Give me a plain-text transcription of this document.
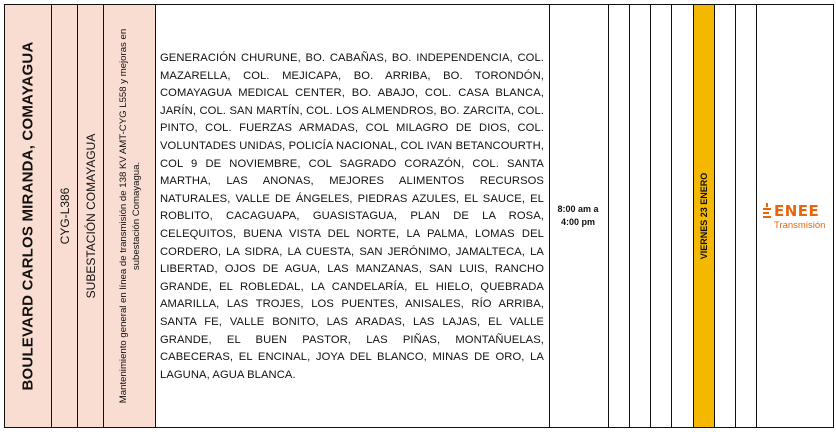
BOULEVARD CARLOS MIRANDA, COMAYAGUA CYG-L386 SUBESTACIÓN COMAYAGUA Mantenimiento general en línea de transmisión de 138 KV AMT-CYG L558 y mejoras en subestación Comayagua.
GENERACIÓN CHURUNE, BO. CABAÑAS, BO. INDEPENDENCIA, COL. MAZARELLA, COL. MEJICAPA, BO. ARRIBA, BO. TORONDÓN, COMAYAGUA MEDICAL CENTER, BO. ABAJO, COL. CASA BLANCA, JARÍN, COL. SAN MARTÍN, COL. LOS ALMENDROS, BO. ZARCITA, COL. PINTO, COL. FUERZAS ARMADAS, COL MILAGRO DE DIOS, COL. VOLUNTADES UNIDAS, POLICÍA NACIONAL, COL IVAN BETANCOURTH, COL 9 DE NOVIEMBRE, COL SAGRADO CORAZÓN, COL. SANTA MARTHA, LAS ANONAS, MEJORES ALIMENTOS RECURSOS NATURALES, VALLE DE ÁNGELES, PIEDRAS AZULES, EL SAUCE, EL ROBLITO, CACAGUAPA, GUASISTAGUA, PLAN DE LA ROSA, CELEQUITOS, BUENA VISTA DEL NORTE, LA PALMA, LOMAS DEL CORDERO, LA SIDRA, LA CUESTA, SAN JERÓNIMO, JAMALTECA, LA LIBERTAD, OJOS DE AGUA, LAS MANZANAS, SAN LUIS, RANCHO GRANDE, EL ROBLEDAL, LA CANDELARÍA, EL HIELO, QUEBRADA AMARILLA, LAS TROJES, LOS PUENTES, ANISALES, RÍO ARRIBA, SANTA FE, VALLE BONITO, LAS ARADAS, LAS LAJAS, EL VALLE GRANDE, EL BUEN PASTOR, LAS PIÑAS, MONTAÑUELAS, CABECERAS, EL ENCINAL, JOYA DEL BLANCO, MINAS DE ORO, LA LAGUNA, AGUA BLANCA.
8:00 am a
4:00 pm	VIERNES 23 ENERO	ENEE
Transmisión
